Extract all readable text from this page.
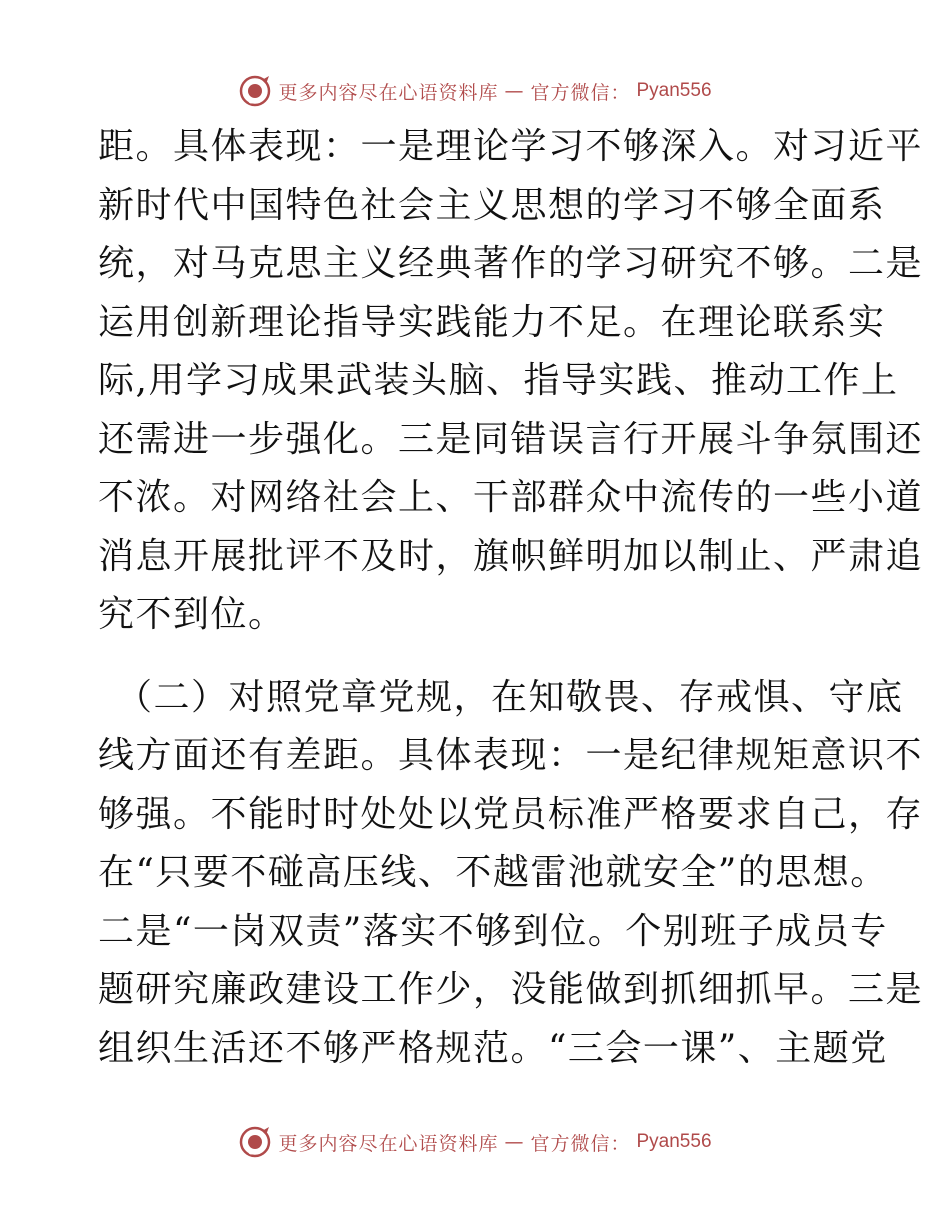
更多内容尽在心语资料库 — 官方微信： Pyan556
距。具体表现：一是理论学习不够深入。对习近平
新时代中国特色社会主义思想的学习不够全面系
统，对马克思主义经典著作的学习研究不够。二是
运用创新理论指导实践能力不足。在理论联系实
际,用学习成果武装头脑、指导实践、推动工作上
还需进一步强化。三是同错误言行开展斗争氛围还
不浓。对网络社会上、干部群众中流传的一些小道
消息开展批评不及时，旗帜鲜明加以制止、严肃追
究不到位。
（二）对照党章党规，在知敬畏、存戒惧、守底
线方面还有差距。具体表现：一是纪律规矩意识不
够强。不能时时处处以党员标准严格要求自己，存
在“只要不碰高压线、不越雷池就安全”的思想。
二是“一岗双责”落实不够到位。个别班子成员专
题研究廉政建设工作少，没能做到抓细抓早。三是
组织生活还不够严格规范。“三会一课”、主题党
更多内容尽在心语资料库 — 官方微信： Pyan556
